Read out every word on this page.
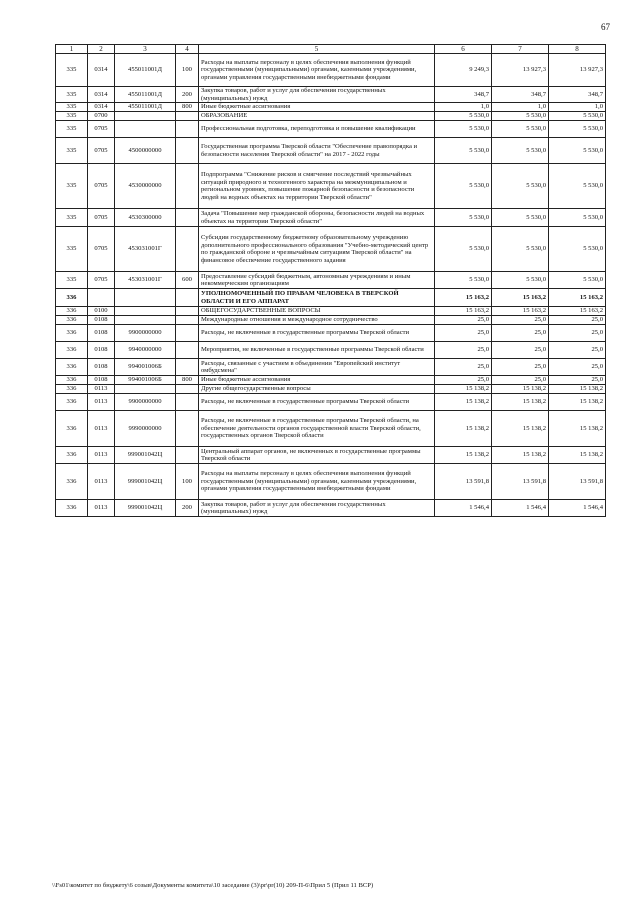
67
1	2	3	4	5	6	7	8
335	0314	455011001Д	100	Расходы на выплаты персоналу в целях обеспечения выполнения функций государственными (муниципальными) органами, казенными учреждениями, органами управления государственными внебюджетными фондами	9 249,3	13 927,3	13 927,3
335	0314	455011001Д	200	Закупка товаров, работ и услуг для обеспечения государственных (муниципальных) нужд	348,7	348,7	348,7
335	0314	455011001Д	800	Иные бюджетные ассигнования	1,0	1,0	1,0
335	0700			ОБРАЗОВАНИЕ	5 530,0	5 530,0	5 530,0
335	0705			Профессиональная подготовка, переподготовка и повышение квалификации	5 530,0	5 530,0	5 530,0
335	0705	4500000000		Государственная программа Тверской области "Обеспечение правопорядка и безопасности населения Тверской области" на 2017 - 2022 годы	5 530,0	5 530,0	5 530,0
335	0705	4530000000		Подпрограмма "Снижение рисков и смягчение последствий чрезвычайных ситуаций природного и техногенного характера на межмуниципальном и региональном уровнях, повышение пожарной безопасности и безопасности людей на водных объектах на территории Тверской области"	5 530,0	5 530,0	5 530,0
335	0705	4530300000		Задача "Повышение мер гражданской обороны, безопасности людей на водных объектах на территории Тверской области"	5 530,0	5 530,0	5 530,0
335	0705	453031001Г		Субсидии государственному бюджетному образовательному учреждению дополнительного профессионального образования "Учебно-методический центр по гражданской обороне и чрезвычайным ситуациям Тверской области" на финансовое обеспечение государственного задания	5 530,0	5 530,0	5 530,0
335	0705	453031001Г	600	Предоставление субсидий бюджетным, автономным учреждениям и иным некоммерческим организациям	5 530,0	5 530,0	5 530,0
336				УПОЛНОМОЧЕННЫЙ ПО ПРАВАМ ЧЕЛОВЕКА В ТВЕРСКОЙ ОБЛАСТИ И ЕГО АППАРАТ	15 163,2	15 163,2	15 163,2
336	0100			ОБЩЕГОСУДАРСТВЕННЫЕ ВОПРОСЫ	15 163,2	15 163,2	15 163,2
336	0108			Международные отношения и международное сотрудничество	25,0	25,0	25,0
336	0108	9900000000		Расходы, не включенные в государственные программы Тверской области	25,0	25,0	25,0
336	0108	9940000000		Мероприятия, не включенные в государственные программы Тверской области	25,0	25,0	25,0
336	0108	994001006Б		Расходы, связанные с участием в объединении "Европейский институт омбудсмена"	25,0	25,0	25,0
336	0108	994001006Б	800	Иные бюджетные ассигнования	25,0	25,0	25,0
336	0113			Другие общегосударственные вопросы	15 138,2	15 138,2	15 138,2
336	0113	9900000000		Расходы, не включенные в государственные программы Тверской области	15 138,2	15 138,2	15 138,2
336	0113	9990000000		Расходы, не включенные в государственные программы Тверской области, на обеспечение деятельности органов государственной власти Тверской области, государственных органов Тверской области	15 138,2	15 138,2	15 138,2
336	0113	999001042Ц		Центральный аппарат органов, не включенных в государственные программы Тверской области	15 138,2	15 138,2	15 138,2
336	0113	999001042Ц	100	Расходы на выплаты персоналу в целях обеспечения выполнения функций государственными (муниципальными) органами, казенными учреждениями, органами управления государственными внебюджетными фондами	13 591,8	13 591,8	13 591,8
336	0113	999001042Ц	200	Закупка товаров, работ и услуг для обеспечения государственных (муниципальных) нужд	1 546,4	1 546,4	1 546,4
\\Fs01\комитет по бюджету\6 созыв\Документы комитета\10 заседание (3)\pr\pr(10) 209-П-6\Прил 5 (Прил 11 ВСР)
